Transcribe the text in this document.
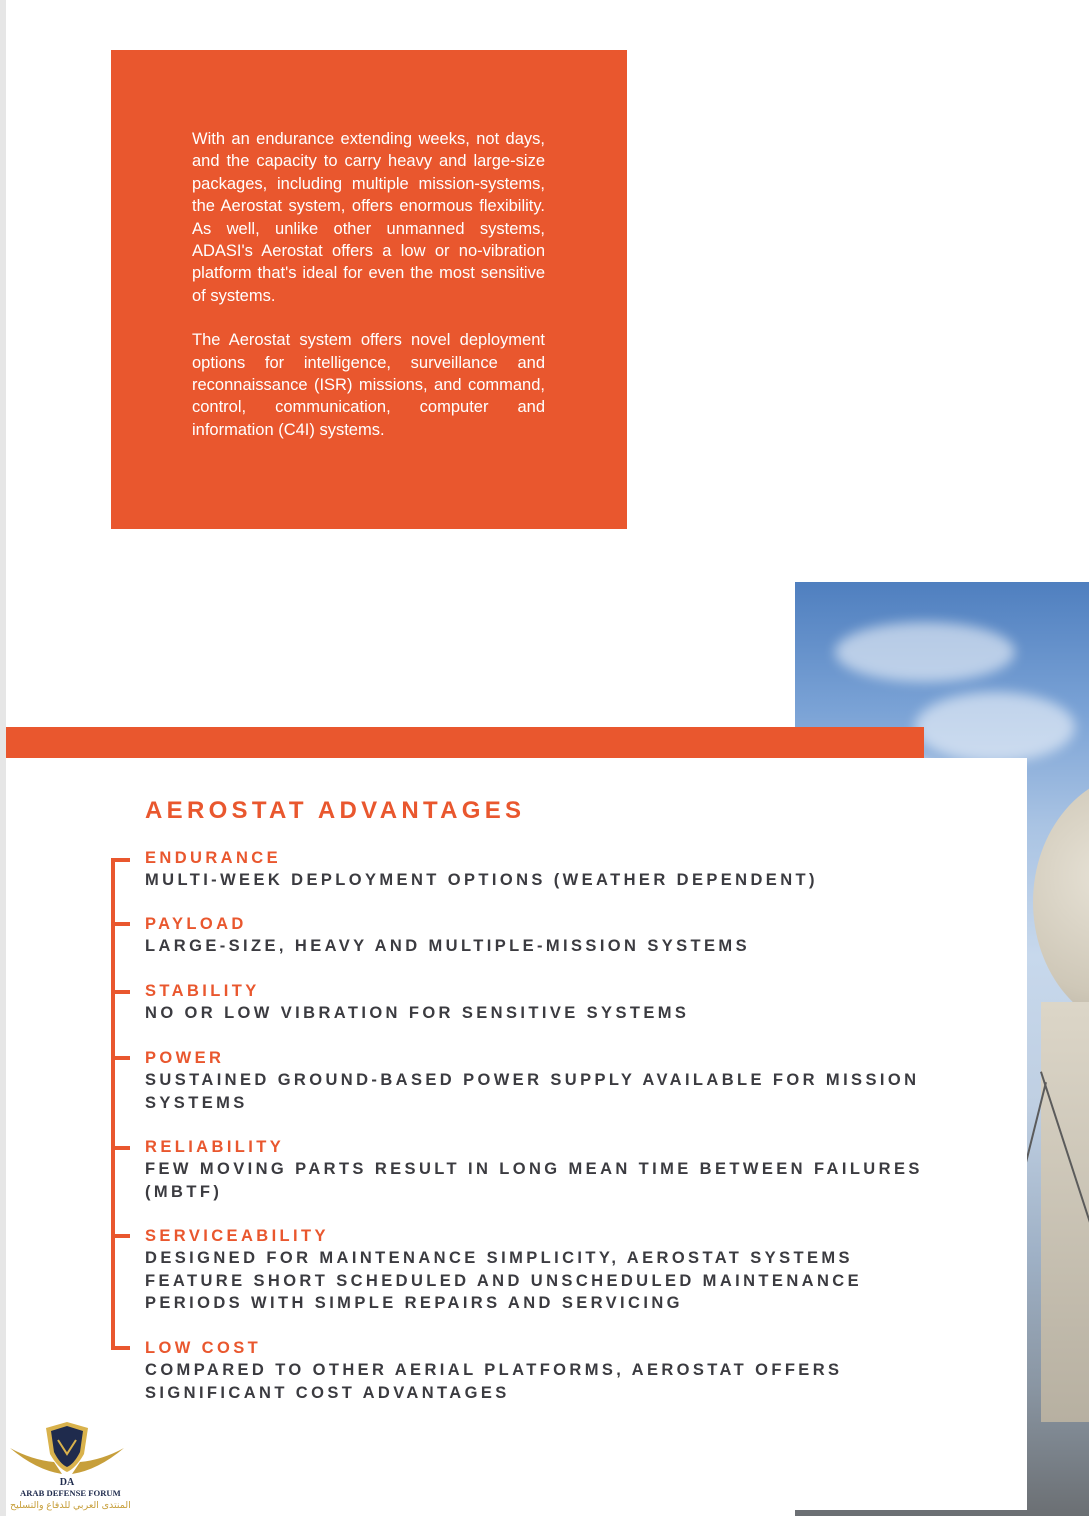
With an endurance extending weeks, not days, and the capacity to carry heavy and large-size packages, including multiple mission-systems, the Aerostat system, offers enormous flexibility. As well, unlike other unmanned systems, ADASI's Aerostat offers a low or no-vibration platform that's ideal for even the most sensitive of systems.

The Aerostat system offers novel deployment options for intelligence, surveillance and reconnaissance (ISR) missions, and command, control, communication, computer and information (C4I) systems.

AEROSTAT ADVANTAGES
ENDURANCE
MULTI-WEEK DEPLOYMENT OPTIONS (WEATHER DEPENDENT)
PAYLOAD
LARGE-SIZE, HEAVY AND MULTIPLE-MISSION SYSTEMS
STABILITY
NO OR LOW VIBRATION FOR SENSITIVE SYSTEMS
POWER
SUSTAINED GROUND-BASED POWER SUPPLY AVAILABLE FOR MISSION
SYSTEMS
RELIABILITY
FEW MOVING PARTS RESULT IN LONG MEAN TIME BETWEEN FAILURES
(MBTF)
SERVICEABILITY
DESIGNED FOR MAINTENANCE SIMPLICITY, AEROSTAT SYSTEMS
FEATURE SHORT SCHEDULED AND UNSCHEDULED MAINTENANCE
PERIODS WITH SIMPLE REPAIRS AND SERVICING
LOW COST
COMPARED TO OTHER AERIAL PLATFORMS, AEROSTAT OFFERS
SIGNIFICANT COST ADVANTAGES
DA
ARAB DEFENSE FORUM
المنتدى العربي للدفاع والتسليح
